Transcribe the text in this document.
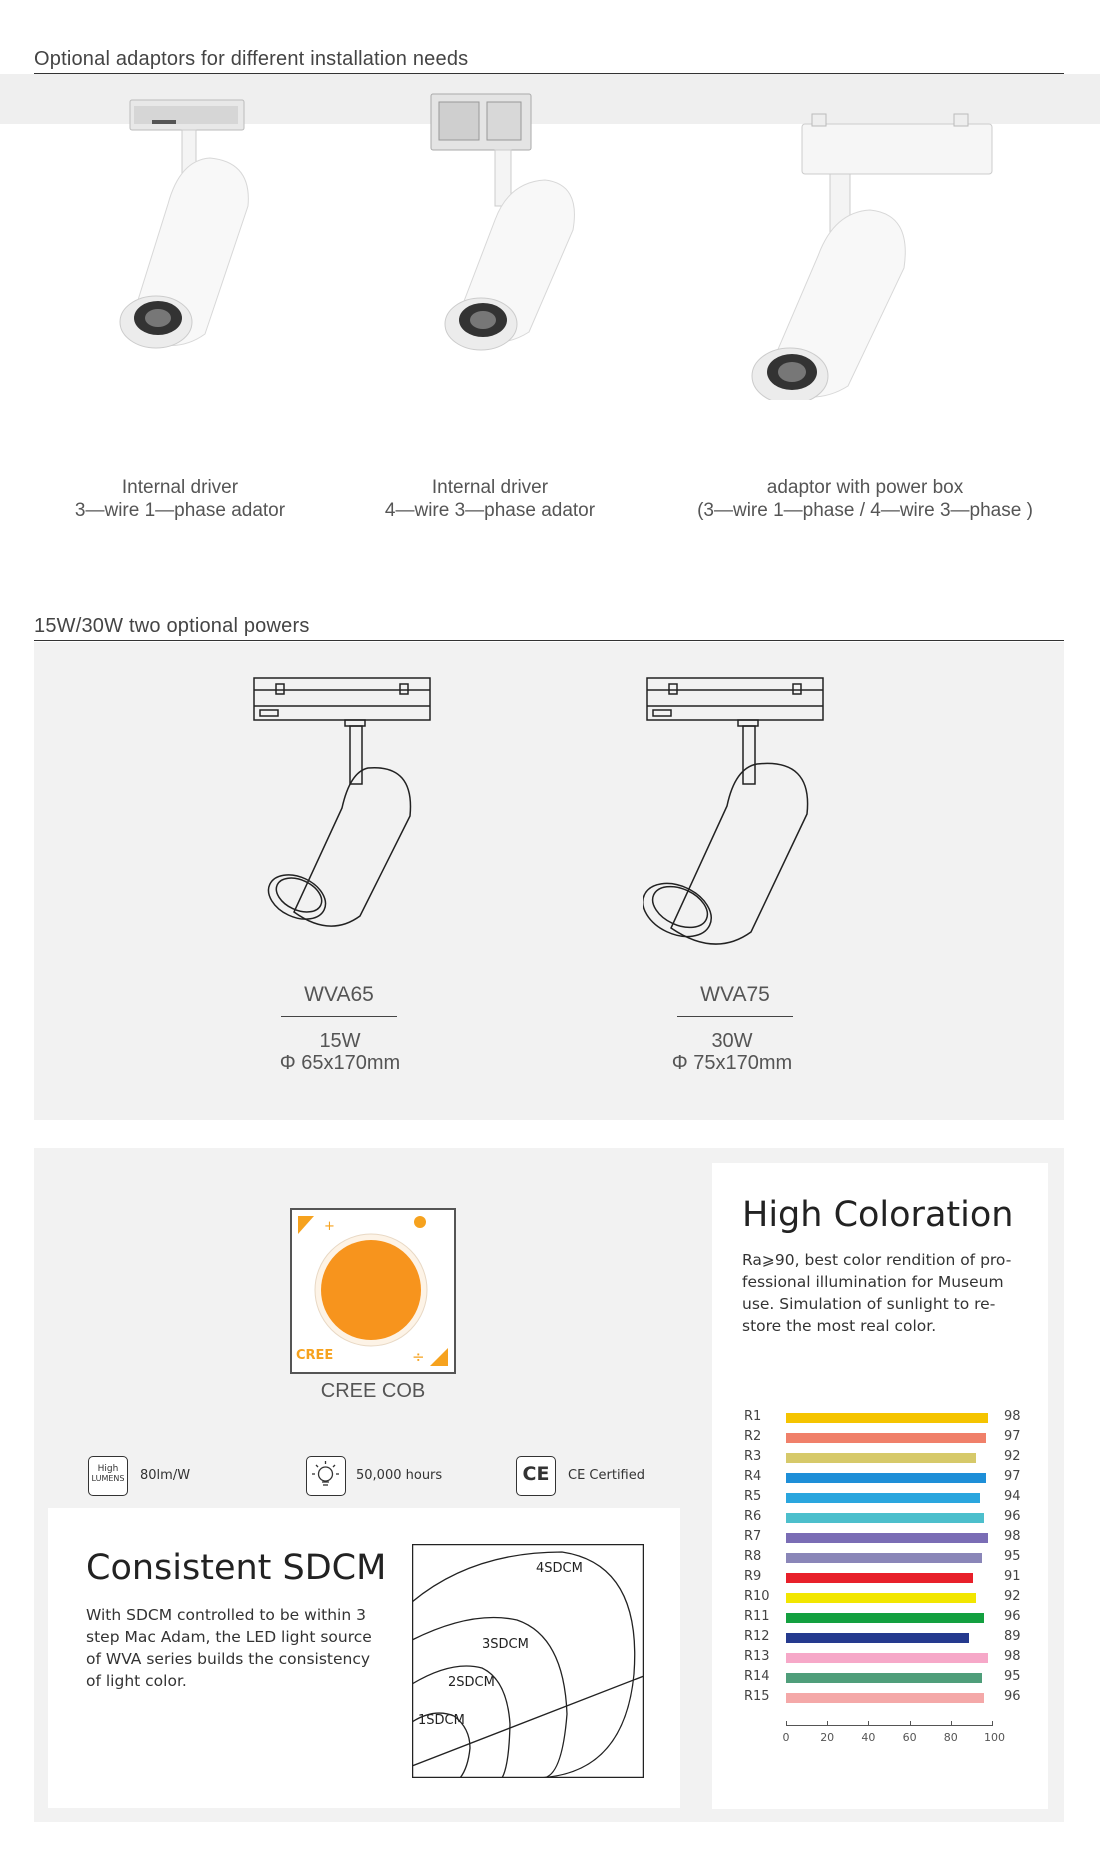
Optional adaptors for different installation needs
Internal driver
3—wire 1—phase adator
Internal driver
4—wire 3—phase adator
adaptor with power box
(3—wire 1—phase / 4—wire 3—phase )
15W/30W two optional powers
WVA65
15W
Φ 65x170mm
WVA75
30W
Φ 75x170mm
+
÷
CREE
CREE COB
High
LUMENS 80lm/W	50,000 hours	CE	CE Certified
Consistent SDCM
With SDCM controlled to be within 3 step Mac Adam, the LED light source of WVA series builds the consistency of light color.
4SDCM
3SDCM
2SDCM
1SDCM
High Coloration
Ra⩾90, best color rendition of pro-fessional illumination for Museum use. Simulation of sunlight to re-store the most real color.
R1	98
R2	97
R3	92
R4	97
R5	94
R6	96
R7	98
R8	95
R9	91
R10	92
R11	96
R12	89
R13	98
R14	95
R15	96
0	20 40 60 80 100
